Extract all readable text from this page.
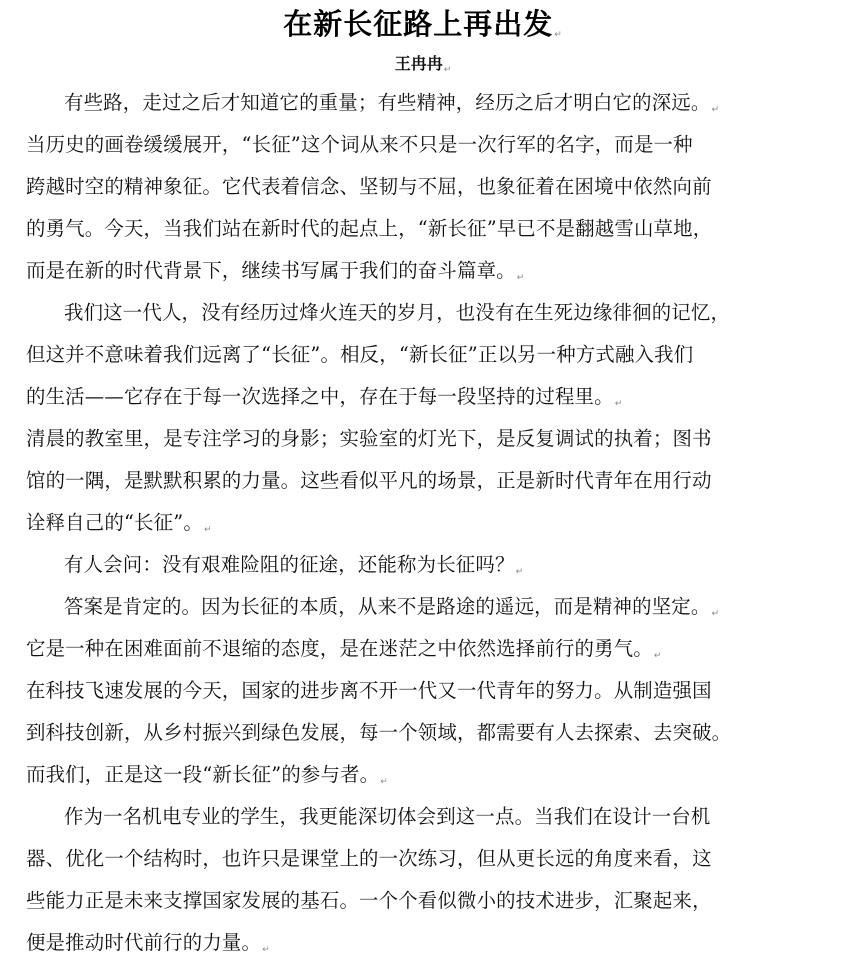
在新长征路上再出发↵
王冉冉↵
有些路，走过之后才知道它的重量；有些精神，经历之后才明白它的深远。↵
当历史的画卷缓缓展开，“长征”这个词从来不只是一次行军的名字，而是一种
跨越时空的精神象征。它代表着信念、坚韧与不屈，也象征着在困境中依然向前
的勇气。今天，当我们站在新时代的起点上，“新长征”早已不是翻越雪山草地，
而是在新的时代背景下，继续书写属于我们的奋斗篇章。↵
我们这一代人，没有经历过烽火连天的岁月，也没有在生死边缘徘徊的记忆，
但这并不意味着我们远离了“长征”。相反，“新长征”正以另一种方式融入我们
的生活——它存在于每一次选择之中，存在于每一段坚持的过程里。↵
清晨的教室里，是专注学习的身影；实验室的灯光下，是反复调试的执着；图书
馆的一隅，是默默积累的力量。这些看似平凡的场景，正是新时代青年在用行动
诠释自己的“长征”。↵
有人会问：没有艰难险阻的征途，还能称为长征吗？↵
答案是肯定的。因为长征的本质，从来不是路途的遥远，而是精神的坚定。↵
它是一种在困难面前不退缩的态度，是在迷茫之中依然选择前行的勇气。↵
在科技飞速发展的今天，国家的进步离不开一代又一代青年的努力。从制造强国
到科技创新，从乡村振兴到绿色发展，每一个领域，都需要有人去探索、去突破。
而我们，正是这一段“新长征”的参与者。↵
作为一名机电专业的学生，我更能深切体会到这一点。当我们在设计一台机
器、优化一个结构时，也许只是课堂上的一次练习，但从更长远的角度来看，这
些能力正是未来支撑国家发展的基石。一个个看似微小的技术进步，汇聚起来，
便是推动时代前行的力量。↵
